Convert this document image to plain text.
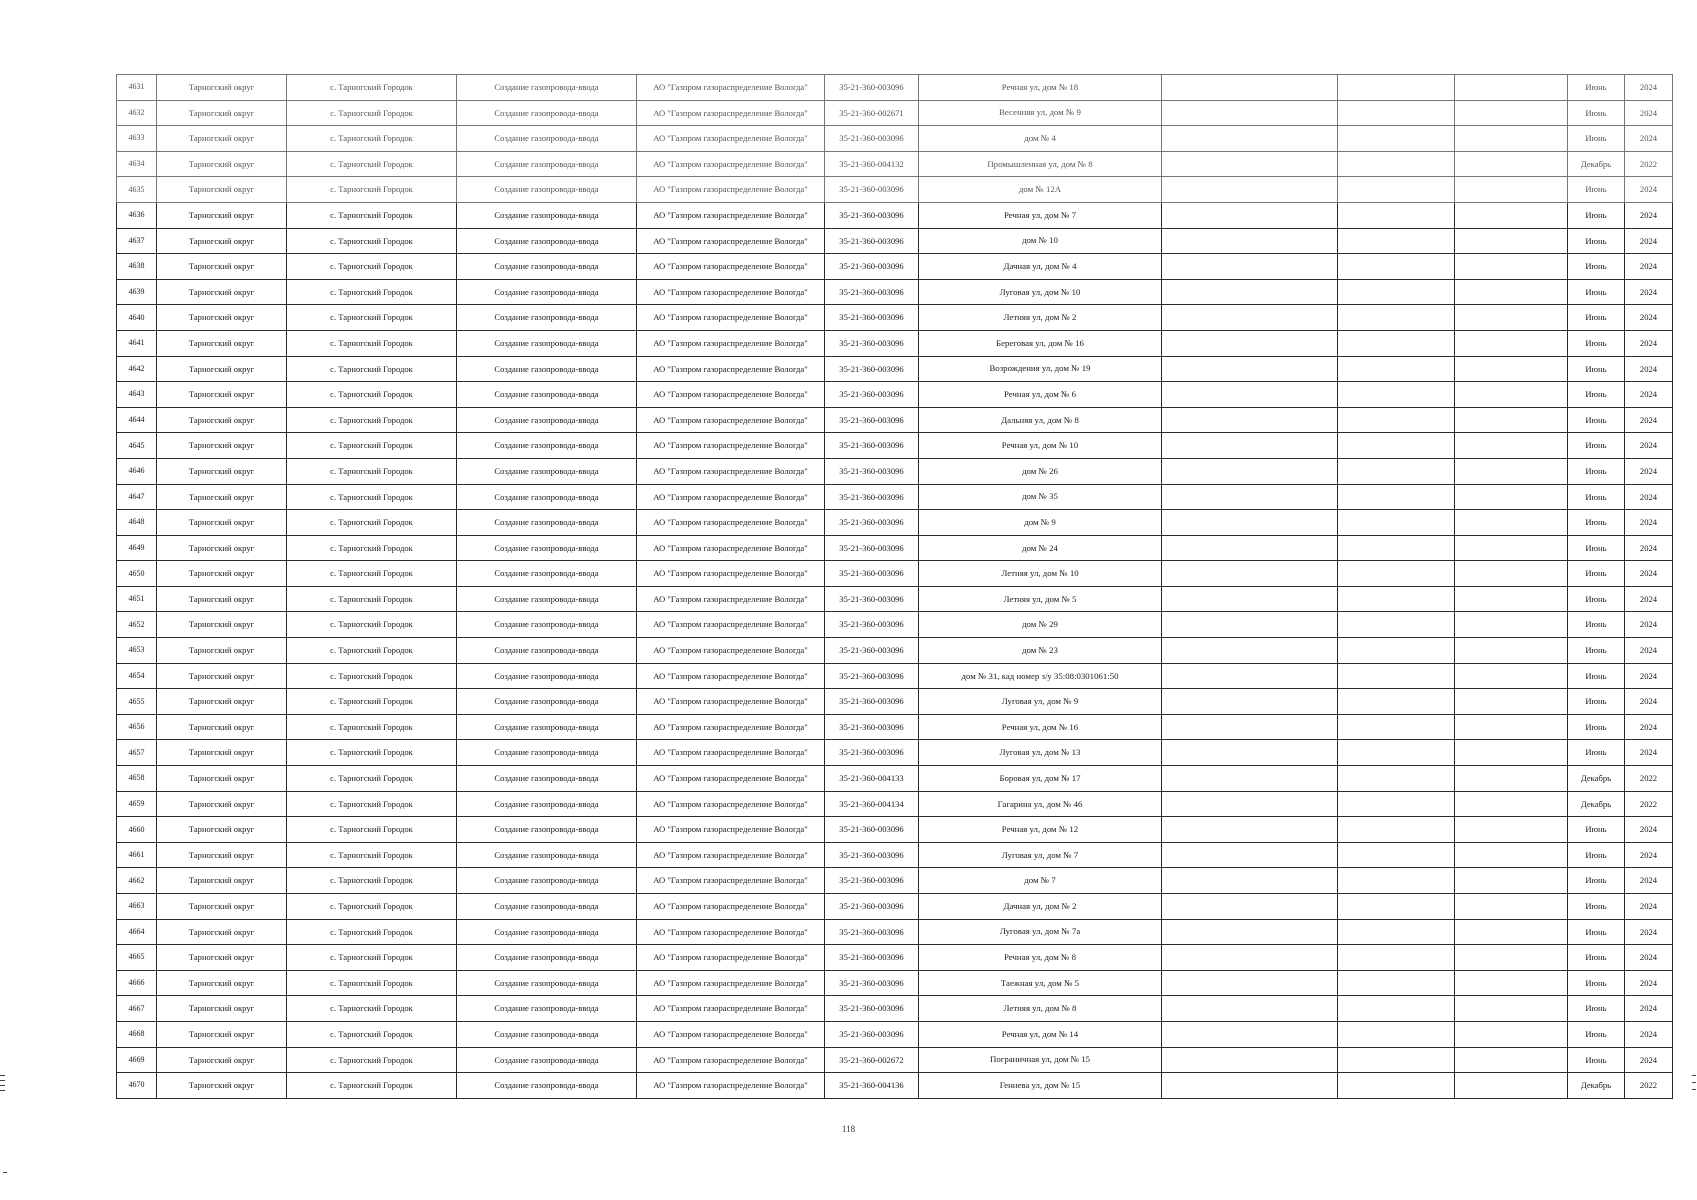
4631	Тарногский округ	с. Тарногский Городок	Создание газопровода-ввода	АО "Газпром газораспределение Вологда"	35-21-360-003096	Речная ул, дом № 18				Июнь	2024
4632	Тарногский округ	с. Тарногский Городок	Создание газопровода-ввода	АО "Газпром газораспределение Вологда"	35-21-360-002671	Весенняя ул, дом № 9				Июнь	2024
4633	Тарногский округ	с. Тарногский Городок	Создание газопровода-ввода	АО "Газпром газораспределение Вологда"	35-21-360-003096	дом № 4				Июнь	2024
4634	Тарногский округ	с. Тарногский Городок	Создание газопровода-ввода	АО "Газпром газораспределение Вологда"	35-21-360-004132	Промышленная ул, дом № 8				Декабрь	2022
4635	Тарногский округ	с. Тарногский Городок	Создание газопровода-ввода	АО "Газпром газораспределение Вологда"	35-21-360-003096	дом № 12А				Июнь	2024
4636	Тарногский округ	с. Тарногский Городок	Создание газопровода-ввода	АО "Газпром газораспределение Вологда"	35-21-360-003096	Речная ул, дом № 7				Июнь	2024
4637	Тарногский округ	с. Тарногский Городок	Создание газопровода-ввода	АО "Газпром газораспределение Вологда"	35-21-360-003096	дом № 10				Июнь	2024
4638	Тарногский округ	с. Тарногский Городок	Создание газопровода-ввода	АО "Газпром газораспределение Вологда"	35-21-360-003096	Дачная ул, дом № 4				Июнь	2024
4639	Тарногский округ	с. Тарногский Городок	Создание газопровода-ввода	АО "Газпром газораспределение Вологда"	35-21-360-003096	Луговая ул, дом № 10				Июнь	2024
4640	Тарногский округ	с. Тарногский Городок	Создание газопровода-ввода	АО "Газпром газораспределение Вологда"	35-21-360-003096	Летняя ул, дом № 2				Июнь	2024
4641	Тарногский округ	с. Тарногский Городок	Создание газопровода-ввода	АО "Газпром газораспределение Вологда"	35-21-360-003096	Береговая ул, дом № 16				Июнь	2024
4642	Тарногский округ	с. Тарногский Городок	Создание газопровода-ввода	АО "Газпром газораспределение Вологда"	35-21-360-003096	Возрождения ул, дом № 19				Июнь	2024
4643	Тарногский округ	с. Тарногский Городок	Создание газопровода-ввода	АО "Газпром газораспределение Вологда"	35-21-360-003096	Речная ул, дом № 6				Июнь	2024
4644	Тарногский округ	с. Тарногский Городок	Создание газопровода-ввода	АО "Газпром газораспределение Вологда"	35-21-360-003096	Дальняя ул, дом № 8				Июнь	2024
4645	Тарногский округ	с. Тарногский Городок	Создание газопровода-ввода	АО "Газпром газораспределение Вологда"	35-21-360-003096	Речная ул, дом № 10				Июнь	2024
4646	Тарногский округ	с. Тарногский Городок	Создание газопровода-ввода	АО "Газпром газораспределение Вологда"	35-21-360-003096	дом № 26				Июнь	2024
4647	Тарногский округ	с. Тарногский Городок	Создание газопровода-ввода	АО "Газпром газораспределение Вологда"	35-21-360-003096	дом № 35				Июнь	2024
4648	Тарногский округ	с. Тарногский Городок	Создание газопровода-ввода	АО "Газпром газораспределение Вологда"	35-21-360-003096	дом № 9				Июнь	2024
4649	Тарногский округ	с. Тарногский Городок	Создание газопровода-ввода	АО "Газпром газораспределение Вологда"	35-21-360-003096	дом № 24				Июнь	2024
4650	Тарногский округ	с. Тарногский Городок	Создание газопровода-ввода	АО "Газпром газораспределение Вологда"	35-21-360-003096	Летняя ул, дом № 10				Июнь	2024
4651	Тарногский округ	с. Тарногский Городок	Создание газопровода-ввода	АО "Газпром газораспределение Вологда"	35-21-360-003096	Летняя ул, дом № 5				Июнь	2024
4652	Тарногский округ	с. Тарногский Городок	Создание газопровода-ввода	АО "Газпром газораспределение Вологда"	35-21-360-003096	дом № 29				Июнь	2024
4653	Тарногский округ	с. Тарногский Городок	Создание газопровода-ввода	АО "Газпром газораспределение Вологда"	35-21-360-003096	дом № 23				Июнь	2024
4654	Тарногский округ	с. Тарногский Городок	Создание газопровода-ввода	АО "Газпром газораспределение Вологда"	35-21-360-003096	дом № 31, кад номер з/у 35:08:0301061:50				Июнь	2024
4655	Тарногский округ	с. Тарногский Городок	Создание газопровода-ввода	АО "Газпром газораспределение Вологда"	35-21-360-003096	Луговая ул, дом № 9				Июнь	2024
4656	Тарногский округ	с. Тарногский Городок	Создание газопровода-ввода	АО "Газпром газораспределение Вологда"	35-21-360-003096	Речная ул, дом № 16				Июнь	2024
4657	Тарногский округ	с. Тарногский Городок	Создание газопровода-ввода	АО "Газпром газораспределение Вологда"	35-21-360-003096	Луговая ул, дом № 13				Июнь	2024
4658	Тарногский округ	с. Тарногский Городок	Создание газопровода-ввода	АО "Газпром газораспределение Вологда"	35-21-360-004133	Боровая ул, дом № 17				Декабрь	2022
4659	Тарногский округ	с. Тарногский Городок	Создание газопровода-ввода	АО "Газпром газораспределение Вологда"	35-21-360-004134	Гагарина ул, дом № 46				Декабрь	2022
4660	Тарногский округ	с. Тарногский Городок	Создание газопровода-ввода	АО "Газпром газораспределение Вологда"	35-21-360-003096	Речная ул, дом № 12				Июнь	2024
4661	Тарногский округ	с. Тарногский Городок	Создание газопровода-ввода	АО "Газпром газораспределение Вологда"	35-21-360-003096	Луговая ул, дом № 7				Июнь	2024
4662	Тарногский округ	с. Тарногский Городок	Создание газопровода-ввода	АО "Газпром газораспределение Вологда"	35-21-360-003096	дом № 7				Июнь	2024
4663	Тарногский округ	с. Тарногский Городок	Создание газопровода-ввода	АО "Газпром газораспределение Вологда"	35-21-360-003096	Дачная ул, дом № 2				Июнь	2024
4664	Тарногский округ	с. Тарногский Городок	Создание газопровода-ввода	АО "Газпром газораспределение Вологда"	35-21-360-003096	Луговая ул, дом № 7а				Июнь	2024
4665	Тарногский округ	с. Тарногский Городок	Создание газопровода-ввода	АО "Газпром газораспределение Вологда"	35-21-360-003096	Речная ул, дом № 8				Июнь	2024
4666	Тарногский округ	с. Тарногский Городок	Создание газопровода-ввода	АО "Газпром газораспределение Вологда"	35-21-360-003096	Таежная ул, дом № 5				Июнь	2024
4667	Тарногский округ	с. Тарногский Городок	Создание газопровода-ввода	АО "Газпром газораспределение Вологда"	35-21-360-003096	Летняя ул, дом № 8				Июнь	2024
4668	Тарногский округ	с. Тарногский Городок	Создание газопровода-ввода	АО "Газпром газораспределение Вологда"	35-21-360-003096	Речная ул, дом № 14				Июнь	2024
4669	Тарногский округ	с. Тарногский Городок	Создание газопровода-ввода	АО "Газпром газораспределение Вологда"	35-21-360-002672	Пограничная ул, дом № 15				Июнь	2024
4670	Тарногский округ	с. Тарногский Городок	Создание газопровода-ввода	АО "Газпром газораспределение Вологда"	35-21-360-004136	Геннева ул, дом № 15				Декабрь	2022
118
